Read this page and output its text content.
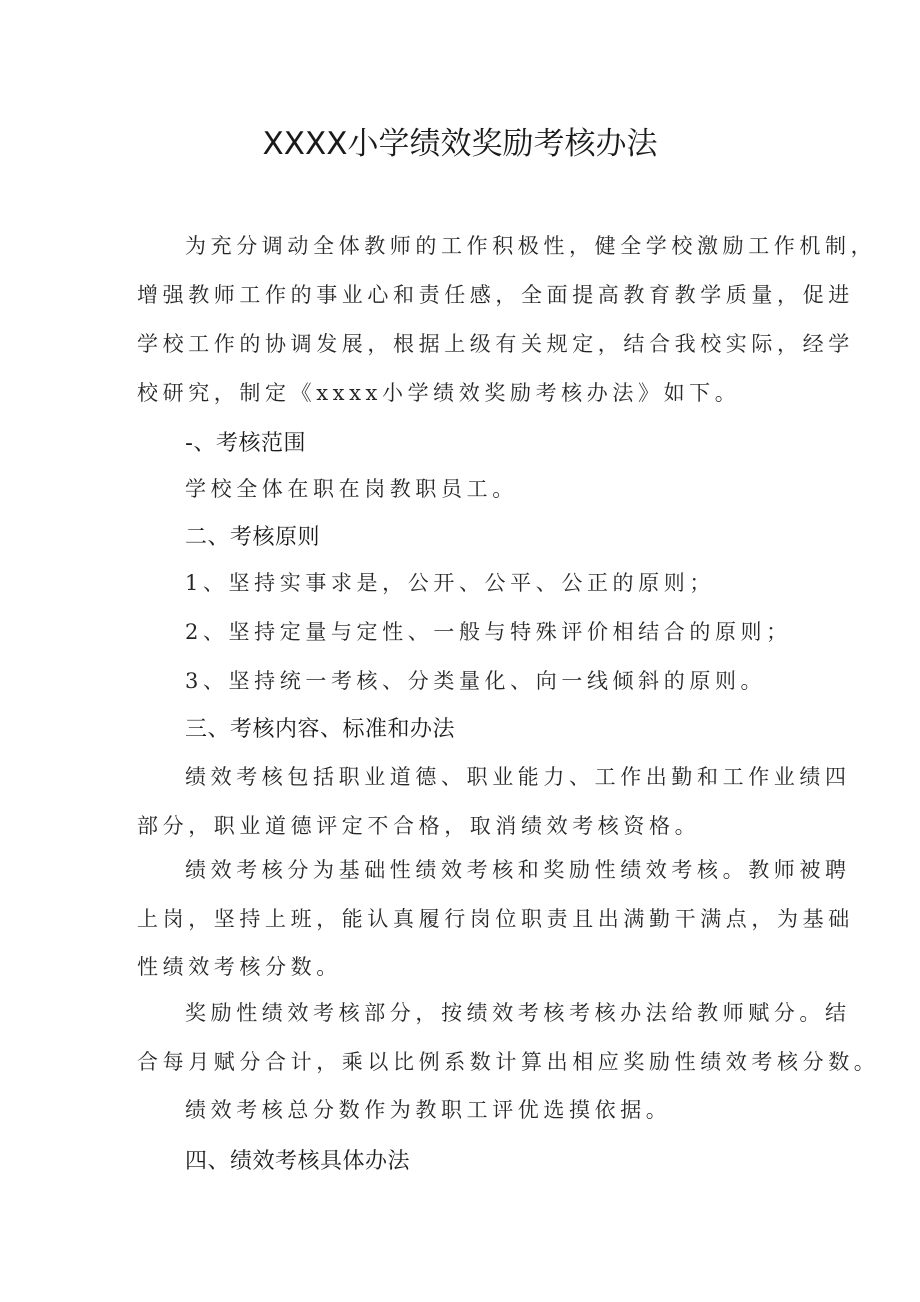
XXXX小学绩效奖励考核办法
为充分调动全体教师的工作积极性，健全学校激励工作机制，
增强教师工作的事业心和责任感，全面提高教育教学质量，促进
学校工作的协调发展，根据上级有关规定，结合我校实际，经学
校研究，制定《xxxx小学绩效奖励考核办法》如下。
-、考核范围
学校全体在职在岗教职员工。
二、考核原则
1、坚持实事求是，公开、公平、公正的原则；
2、坚持定量与定性、一般与特殊评价相结合的原则；
3、坚持统一考核、分类量化、向一线倾斜的原则。
三、考核内容、标准和办法
绩效考核包括职业道德、职业能力、工作出勤和工作业绩四
部分，职业道德评定不合格，取消绩效考核资格。
绩效考核分为基础性绩效考核和奖励性绩效考核。教师被聘
上岗，坚持上班，能认真履行岗位职责且出满勤干满点，为基础
性绩效考核分数。
奖励性绩效考核部分，按绩效考核考核办法给教师赋分。结
合每月赋分合计，乘以比例系数计算出相应奖励性绩效考核分数。
绩效考核总分数作为教职工评优选摸依据。
四、绩效考核具体办法
